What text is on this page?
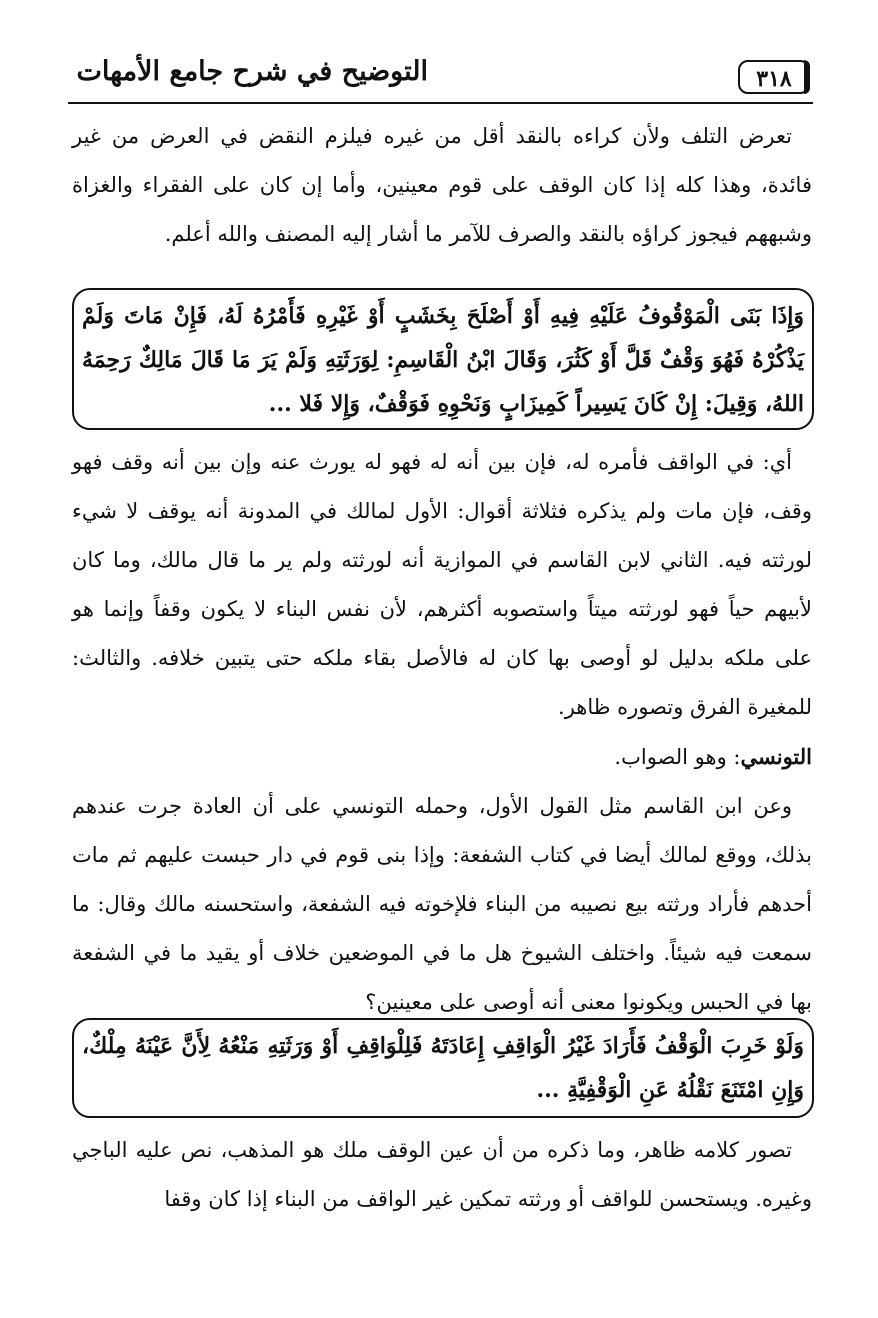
التوضيح في شرح جامع الأمهات	٣١٨

تعرض التلف ولأن كراءه بالنقد أقل من غيره فيلزم النقض في العرض من غير فائدة، وهذا كله إذا كان الوقف على قوم معينين، وأما إن كان على الفقراء والغزاة وشبههم فيجوز كراؤه بالنقد والصرف للآمر ما أشار إليه المصنف والله أعلم.

وَإِذَا بَنَى الْمَوْقُوفُ عَلَيْهِ فِيهِ أَوْ أَصْلَحَ بِخَشَبٍ أَوْ غَيْرِهِ فَأَمْرُهُ لَهُ، فَإِنْ مَاتَ وَلَمْ يَذْكُرْهُ فَهُوَ وَقْفٌ قَلَّ أَوْ كَثُرَ، وَقَالَ ابْنُ الْقَاسِمِ: لِوَرَثَتِهِ وَلَمْ يَرَ مَا قَالَ مَالِكٌ رَحِمَهُ اللهُ، وَقِيلَ: إِنْ كَانَ يَسِيراً كَمِيزَابٍ وَنَحْوِهِ فَوَقْفٌ، وَإِلا فَلا ...

أي: في الواقف فأمره له، فإن بين أنه له فهو له يورث عنه وإن بين أنه وقف فهو وقف، فإن مات ولم يذكره فثلاثة أقوال: الأول لمالك في المدونة أنه يوقف لا شيء لورثته فيه. الثاني لابن القاسم في الموازية أنه لورثته ولم ير ما قال مالك، وما كان لأبيهم حياً فهو لورثته ميتاً واستصوبه أكثرهم، لأن نفس البناء لا يكون وقفاً وإنما هو على ملكه بدليل لو أوصى بها كان له فالأصل بقاء ملكه حتى يتبين خلافه. والثالث: للمغيرة الفرق وتصوره ظاهر.

التونسي: وهو الصواب.

وعن ابن القاسم مثل القول الأول، وحمله التونسي على أن العادة جرت عندهم بذلك، ووقع لمالك أيضا في كتاب الشفعة: وإذا بنى قوم في دار حبست عليهم ثم مات أحدهم فأراد ورثته بيع نصيبه من البناء فلإخوته فيه الشفعة، واستحسنه مالك وقال: ما سمعت فيه شيئاً. واختلف الشيوخ هل ما في الموضعين خلاف أو يقيد ما في الشفعة بها في الحبس ويكونوا معنى أنه أوصى على معينين؟

وَلَوْ خَرِبَ الْوَقْفُ فَأَرَادَ غَيْرُ الْوَاقِفِ إِعَادَتَهُ فَلِلْوَاقِفِ أَوْ وَرَثَتِهِ مَنْعُهُ لِأَنَّ عَيْنَهُ مِلْكٌ، وَإِنِ امْتَنَعَ نَقْلُهُ عَنِ الْوَقْفِيَّةِ ...

تصور كلامه ظاهر، وما ذكره من أن عين الوقف ملك هو المذهب، نص عليه الباجي وغيره. ويستحسن للواقف أو ورثته تمكين غير الواقف من البناء إذا كان وقفا
